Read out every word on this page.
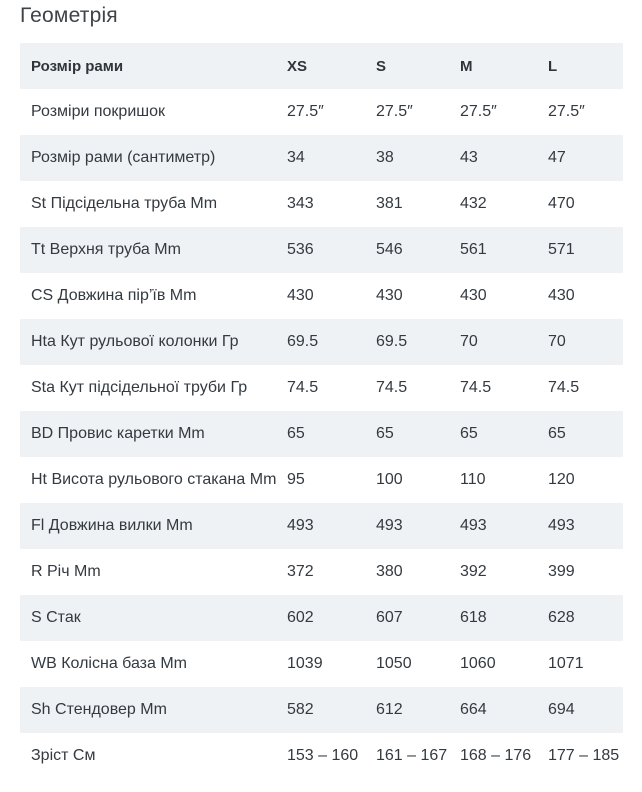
Геометрія
Розмір рами	XS	S	M	L
Розміри покришок	27.5″	27.5″	27.5″	27.5″
Розмір рами (сантиметр)	34	38	43	47
St Підсідельна труба Mm	343	381	432	470
Tt Верхня труба Mm	536	546	561	571
CS Довжина пір’їв Mm	430	430	430	430
Hta Кут рульової колонки Гр	69.5	69.5	70	70
Sta Кут підсідельної труби Гр	74.5	74.5	74.5	74.5
BD Провис каретки Mm	65	65	65	65
Ht Висота рульового стакана Mm	95	100	110	120
Fl Довжина вилки Mm	493	493	493	493
R Річ Mm	372	380	392	399
S Стак	602	607	618	628
WB Колісна база Mm	1039	1050	1060	1071
Sh Стендовер Mm	582	612	664	694
Зріст См	153 – 160	161 – 167	168 – 176	177 – 185
